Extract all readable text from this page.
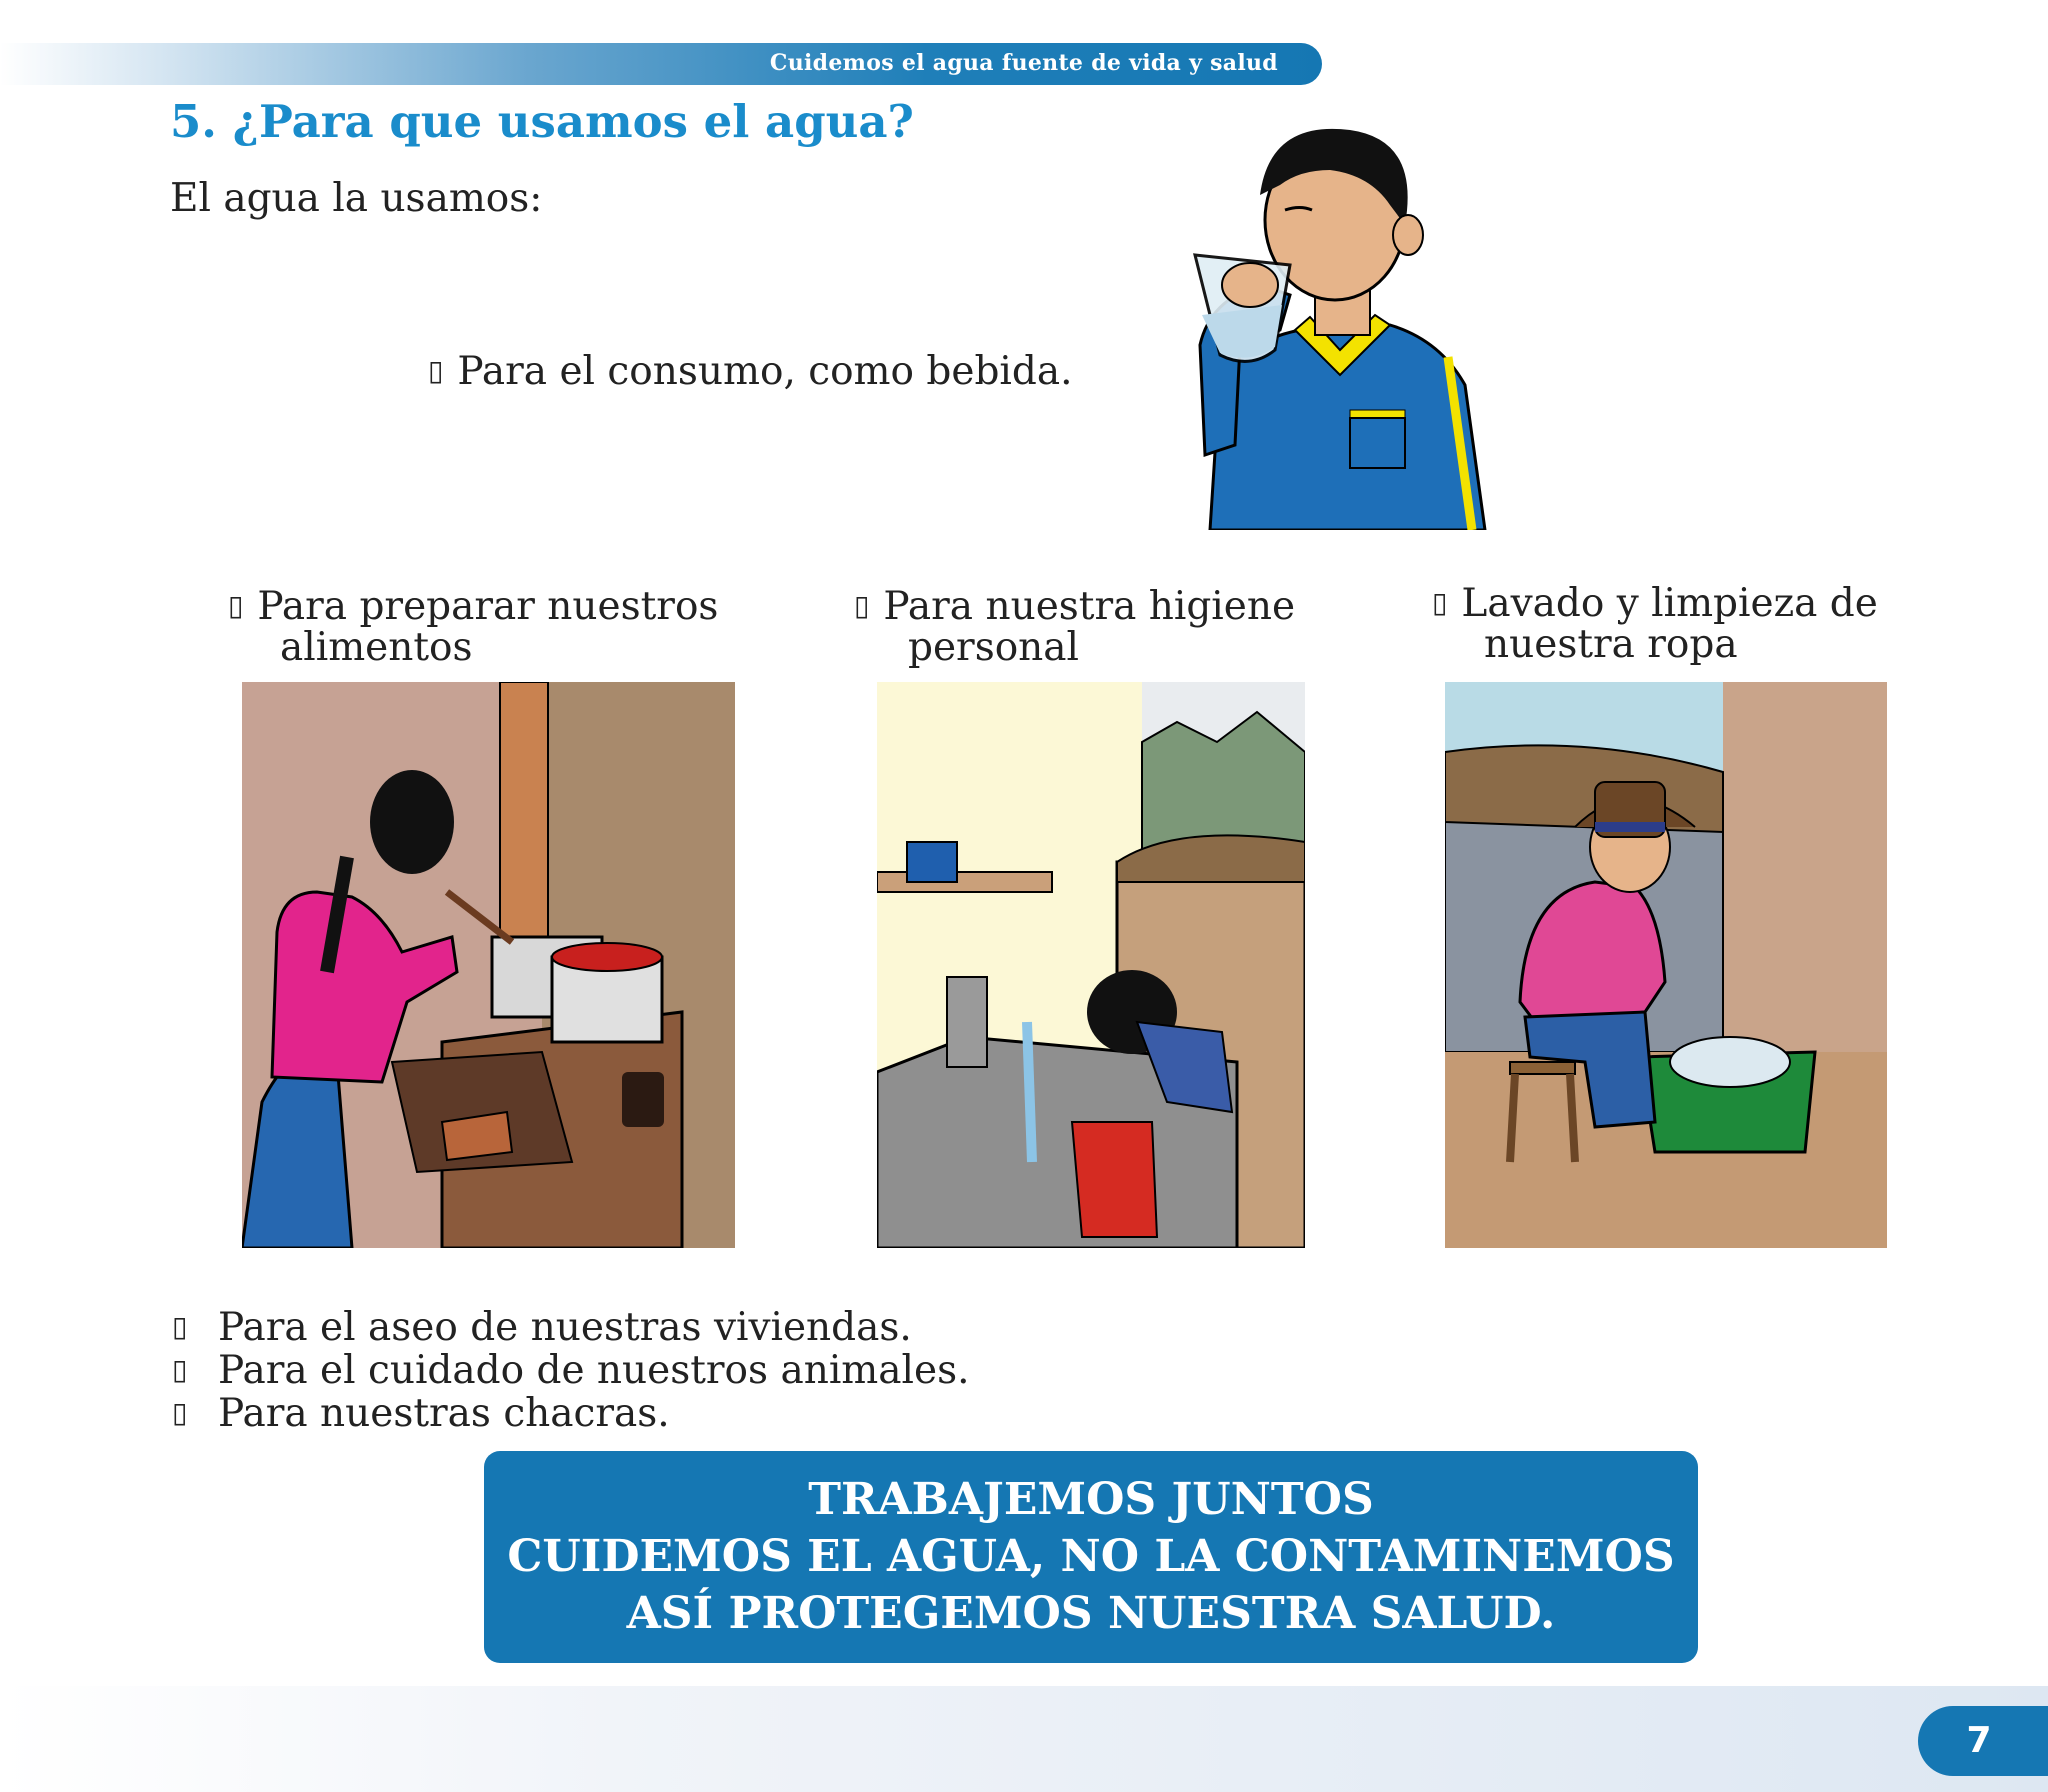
Cuidemos el agua fuente de vida y salud
5. ¿Para que usamos el agua?
El agua la usamos:
▯ Para el consumo, como bebida.
▯ Para preparar nuestros
alimentos
▯ Para nuestra higiene
personal
▯ Lavado y limpieza de
nuestra ropa
▯ Para el aseo de nuestras viviendas.
▯ Para el cuidado de nuestros animales.
▯ Para nuestras chacras.
TRABAJEMOS JUNTOS
CUIDEMOS EL AGUA, NO LA CONTAMINEMOS
ASÍ PROTEGEMOS NUESTRA SALUD.
7
